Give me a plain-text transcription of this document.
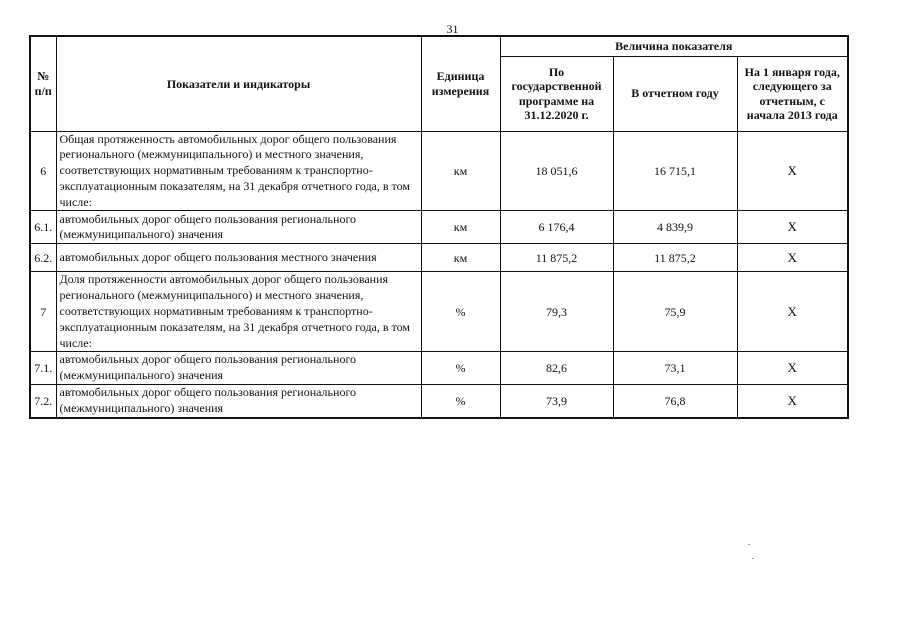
31
№ п/п	Показатели и индикаторы	Единица измерения	Величина показателя		
			По государственной программе на 31.12.2020 г.	В отчетном году	На 1 января года, следующего за отчетным, с начала 2013 года
6	Общая протяженность автомобильных дорог общего пользования регионального (межмуниципального) и местного значения, соответствующих нормативным требованиям к транспортно-эксплуатационным показателям, на 31 декабря отчетного года, в том числе:	км	18 051,6	16 715,1	X
6.1.	автомобильных дорог общего пользования регионального (межмуниципального) значения	км	6 176,4	4 839,9	X
6.2.	автомобильных дорог общего пользования местного значения	км	11 875,2	11 875,2	X
7	Доля протяженности автомобильных дорог общего пользования регионального (межмуниципального) и местного значения, соответствующих нормативным требованиям к транспортно-эксплуатационным показателям, на 31 декабря отчетного года, в том числе:	%	79,3	75,9	X
7.1.	автомобильных дорог общего пользования регионального (межмуниципального) значения	%	82,6	73,1	X
7.2.	автомобильных дорог общего пользования регионального (межмуниципального) значения	%	73,9	76,8	X
